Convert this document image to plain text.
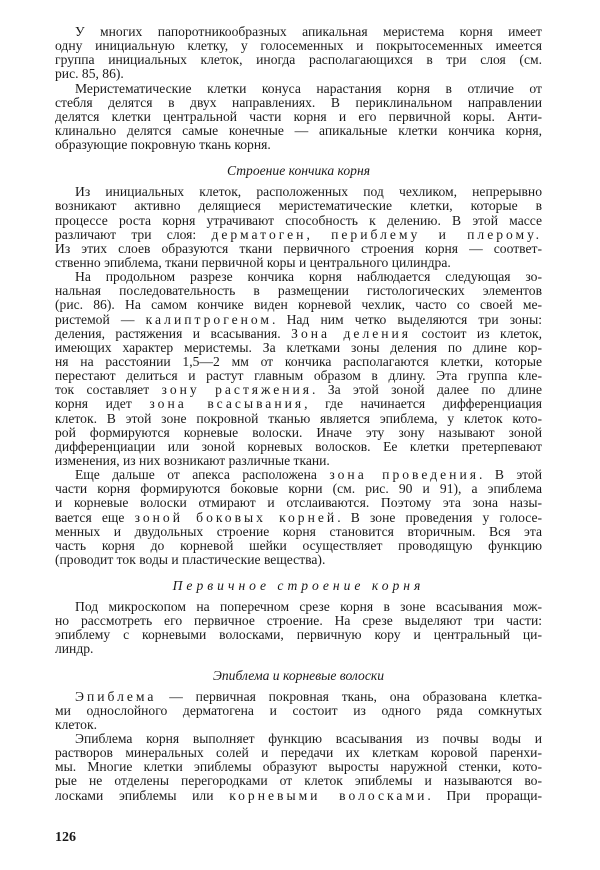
У многих папоротникообразных апикальная меристема корня имеет
одну инициальную клетку, у голосеменных и покрытосеменных имеется
группа инициальных клеток, иногда располагающихся в три слоя (см.
рис. 85, 86).
Меристематические клетки конуса нарастания корня в отличие от
стебля делятся в двух направлениях. В периклинальном направлении
делятся клетки центральной части корня и его первичной коры. Анти-
клинально делятся самые конечные — апикальные клетки кончика корня,
образующие покровную ткань корня.
Строение кончика корня
Из инициальных клеток, расположенных под чехликом, непрерывно
возникают активно делящиеся меристематические клетки, которые в
процессе роста корня утрачивают способность к делению. В этой массе
различают три слоя: дерматоген, периблему и плерому.
Из этих слоев образуются ткани первичного строения корня — соответ-
ственно эпиблема, ткани первичной коры и центрального цилиндра.
На продольном разрезе кончика корня наблюдается следующая зо-
нальная последовательность в размещении гистологических элементов
(рис. 86). На самом кончике виден корневой чехлик, часто со своей ме-
ристемой — калиптрогеном. Над ним четко выделяются три зоны:
деления, растяжения и всасывания. Зона деления состоит из клеток,
имеющих характер меристемы. За клетками зоны деления по длине кор-
ня на расстоянии 1,5—2 мм от кончика располагаются клетки, которые
перестают делиться и растут главным образом в длину. Эта группа кле-
ток составляет зону растяжения. За этой зоной далее по длине
корня идет зона всасывания, где начинается дифференциация
клеток. В этой зоне покровной тканью является эпиблема, у клеток кото-
рой формируются корневые волоски. Иначе эту зону называют зоной
дифференциации или зоной корневых волосков. Ее клетки претерпевают
изменения, из них возникают различные ткани.
Еще дальше от апекса расположена зона проведения. В этой
части корня формируются боковые корни (см. рис. 90 и 91), а эпиблема
и корневые волоски отмирают и отслаиваются. Поэтому эта зона назы-
вается еще зоной боковых корней. В зоне проведения у голосе-
менных и двудольных строение корня становится вторичным. Вся эта
часть корня до корневой шейки осуществляет проводящую функцию
(проводит ток воды и пластические вещества).
Первичное строение корня
Под микроскопом на поперечном срезе корня в зоне всасывания мож-
но рассмотреть его первичное строение. На срезе выделяют три части:
эпиблему с корневыми волосками, первичную кору и центральный ци-
линдр.
Эпиблема и корневые волоски
Эпиблема — первичная покровная ткань, она образована клетка-
ми однослойного дерматогена и состоит из одного ряда сомкнутых
клеток.
Эпиблема корня выполняет функцию всасывания из почвы воды и
растворов минеральных солей и передачи их клеткам коровой паренхи-
мы. Многие клетки эпиблемы образуют выросты наружной стенки, кото-
рые не отделены перегородками от клеток эпиблемы и называются во-
лосками эпиблемы или корневыми волосками. При проращи-
126
